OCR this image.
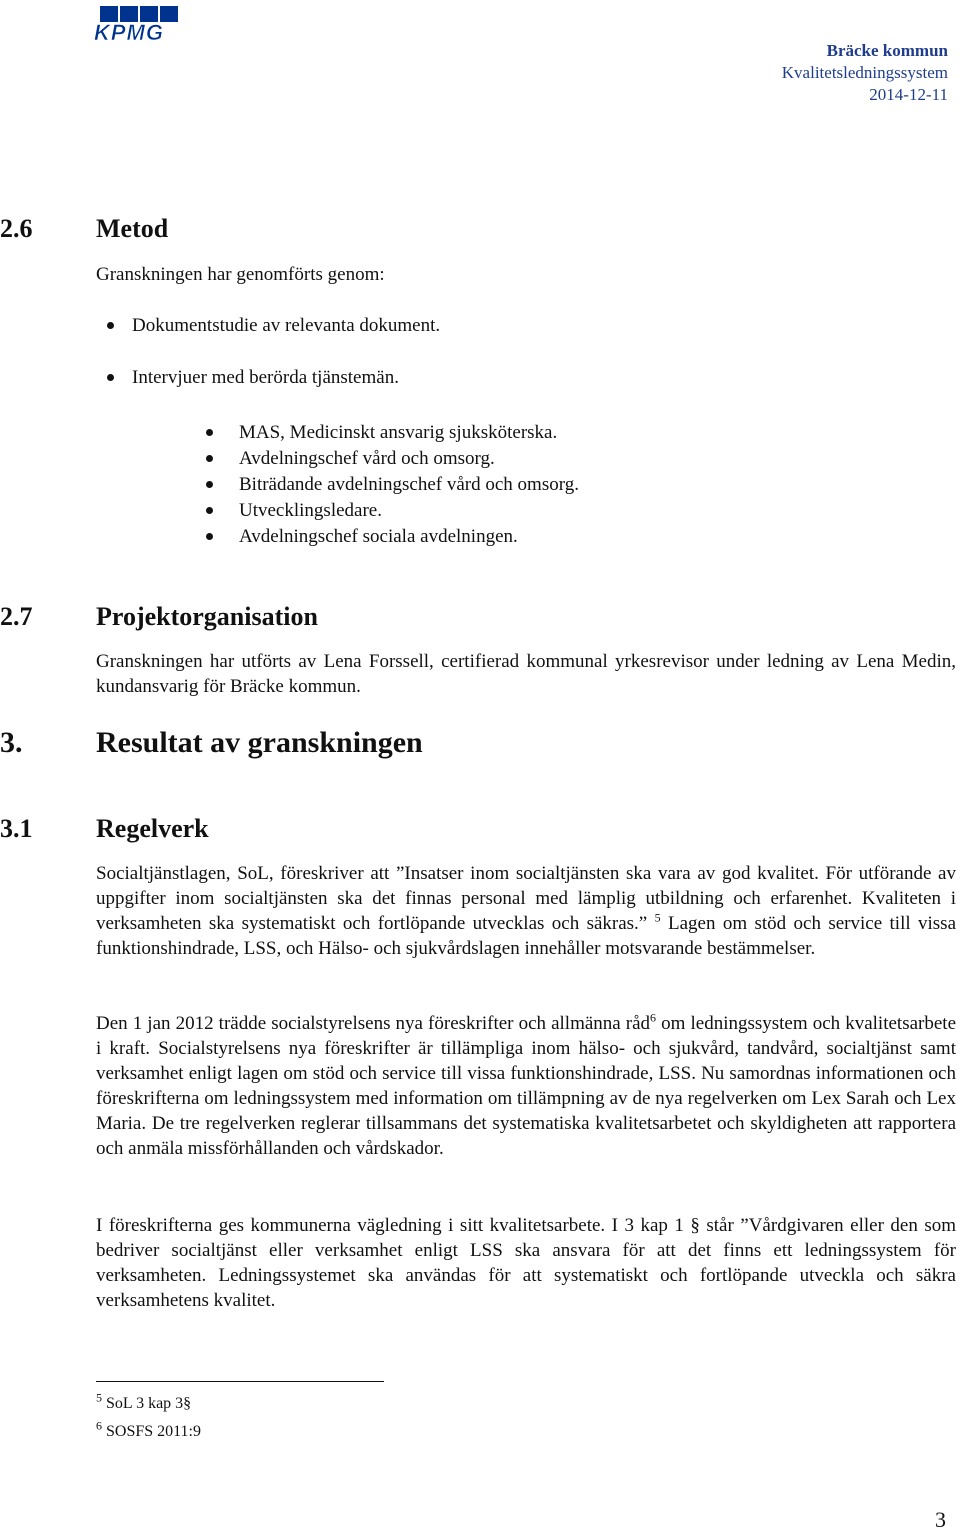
KPMG
Bräcke kommun
Kvalitetsledningssystem
2014-12-11
2.6 Metod
Granskningen har genomförts genom:
Dokumentstudie av relevanta dokument.
Intervjuer med berörda tjänstemän.
MAS, Medicinskt ansvarig sjuksköterska.
Avdelningschef vård och omsorg.
Biträdande avdelningschef vård och omsorg.
Utvecklingsledare.
Avdelningschef sociala avdelningen.
2.7 Projektorganisation
Granskningen har utförts av Lena Forssell, certifierad kommunal yrkesrevisor under ledning av Lena Medin, kundansvarig för Bräcke kommun.
3. Resultat av granskningen
3.1 Regelverk
Socialtjänstlagen, SoL, föreskriver att ”Insatser inom socialtjänsten ska vara av god kvalitet. För utförande av uppgifter inom socialtjänsten ska det finnas personal med lämplig utbildning och erfarenhet. Kvaliteten i verksamheten ska systematiskt och fortlöpande utvecklas och säkras.” $^5$ Lagen om stöd och service till vissa funktionshindrade, LSS, och Hälso- och sjukvårdslagen innehåller motsvarande bestämmelser.
Den 1 jan 2012 trädde socialstyrelsens nya föreskrifter och allmänna råd$^6$ om ledningssystem och kvalitetsarbete i kraft. Socialstyrelsens nya föreskrifter är tillämpliga inom hälso- och sjukvård, tandvård, socialtjänst samt verksamhet enligt lagen om stöd och service till vissa funktionshindrade, LSS. Nu samordnas informationen och föreskrifterna om ledningssystem med information om tillämpning av de nya regelverken om Lex Sarah och Lex Maria. De tre regelverken reglerar tillsammans det systematiska kvalitetsarbetet och skyldigheten att rapportera och anmäla missförhållanden och vårdskador.
I föreskrifterna ges kommunerna vägledning i sitt kvalitetsarbete. I 3 kap 1 § står ”Vårdgivaren eller den som bedriver socialtjänst eller verksamhet enligt LSS ska ansvara för att det finns ett ledningssystem för verksamheten. Ledningssystemet ska användas för att systematiskt och fortlöpande utveckla och säkra verksamhetens kvalitet.
$^5$ SoL 3 kap 3§
$^6$ SOSFS 2011:9
3
